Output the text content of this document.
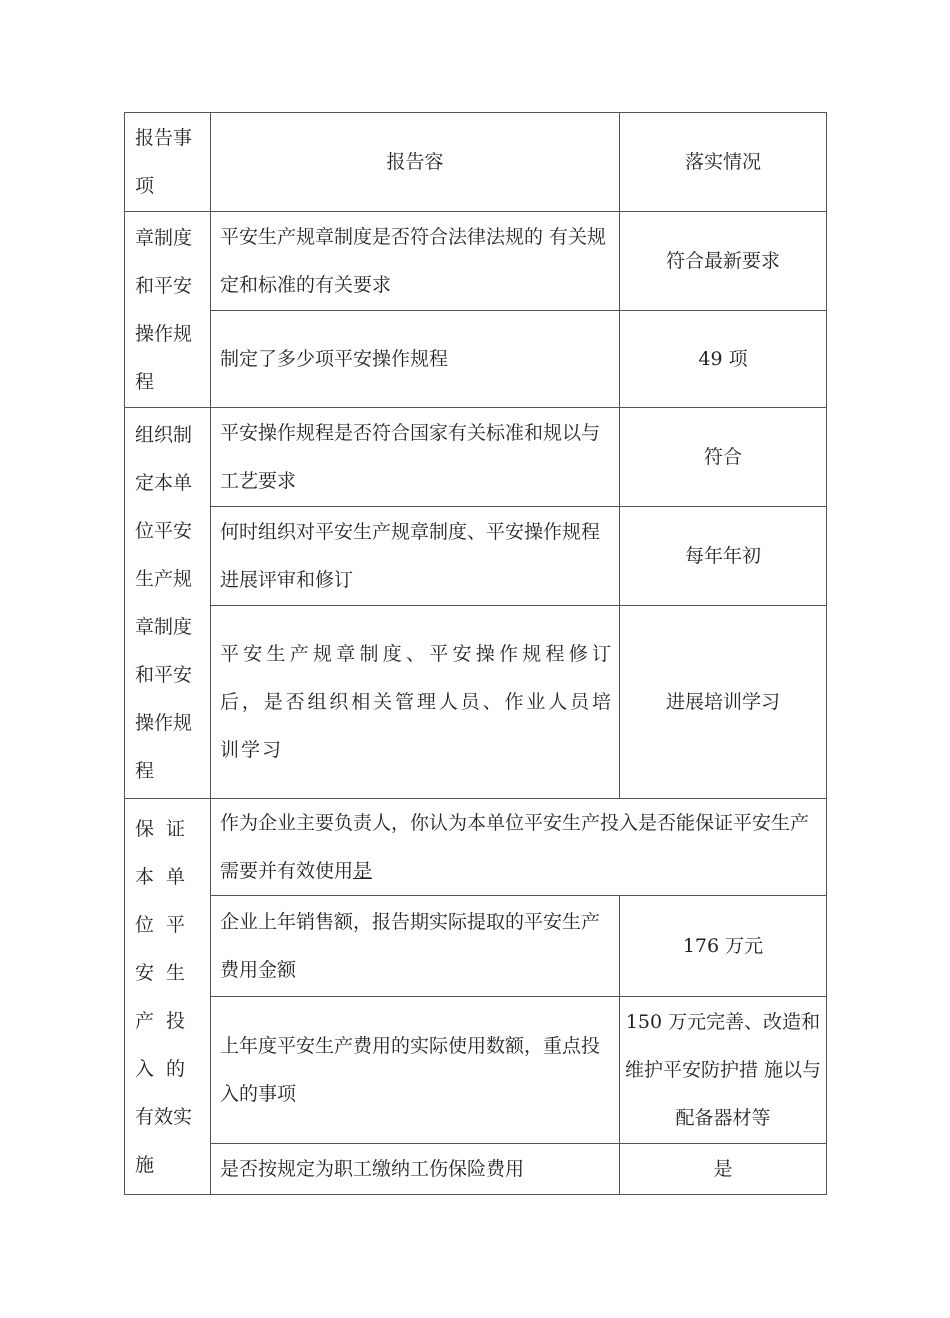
报告事项	报告容	落实情况
章制度和平安操作规程	平安生产规章制度是否符合法律法规的 有关规定和标准的有关要求	符合最新要求
	制定了多少项平安操作规程	49 项
组织制定本单位平安生产规章制度和平安操作规程	平安操作规程是否符合国家有关标准和规以与工艺要求	符合
	何时组织对平安生产规章制度、平安操作规程进展评审和修订	每年年初
	平安生产规章制度、平安操作规程修订后，是否组织相关管理人员、作业人员培训学习	进展培训学习
保证本单位平安生产投入的有效实施	作为企业主要负责人，你认为本单位平安生产投入是否能保证平安生产需要并有效使用是	
	企业上年销售额，报告期实际提取的平安生产费用金额	176 万元
	上年度平安生产费用的实际使用数额，重点投入的事项	150 万元完善、改造和维护平安防护措 施以与配备器材等
	是否按规定为职工缴纳工伤保险费用	是
